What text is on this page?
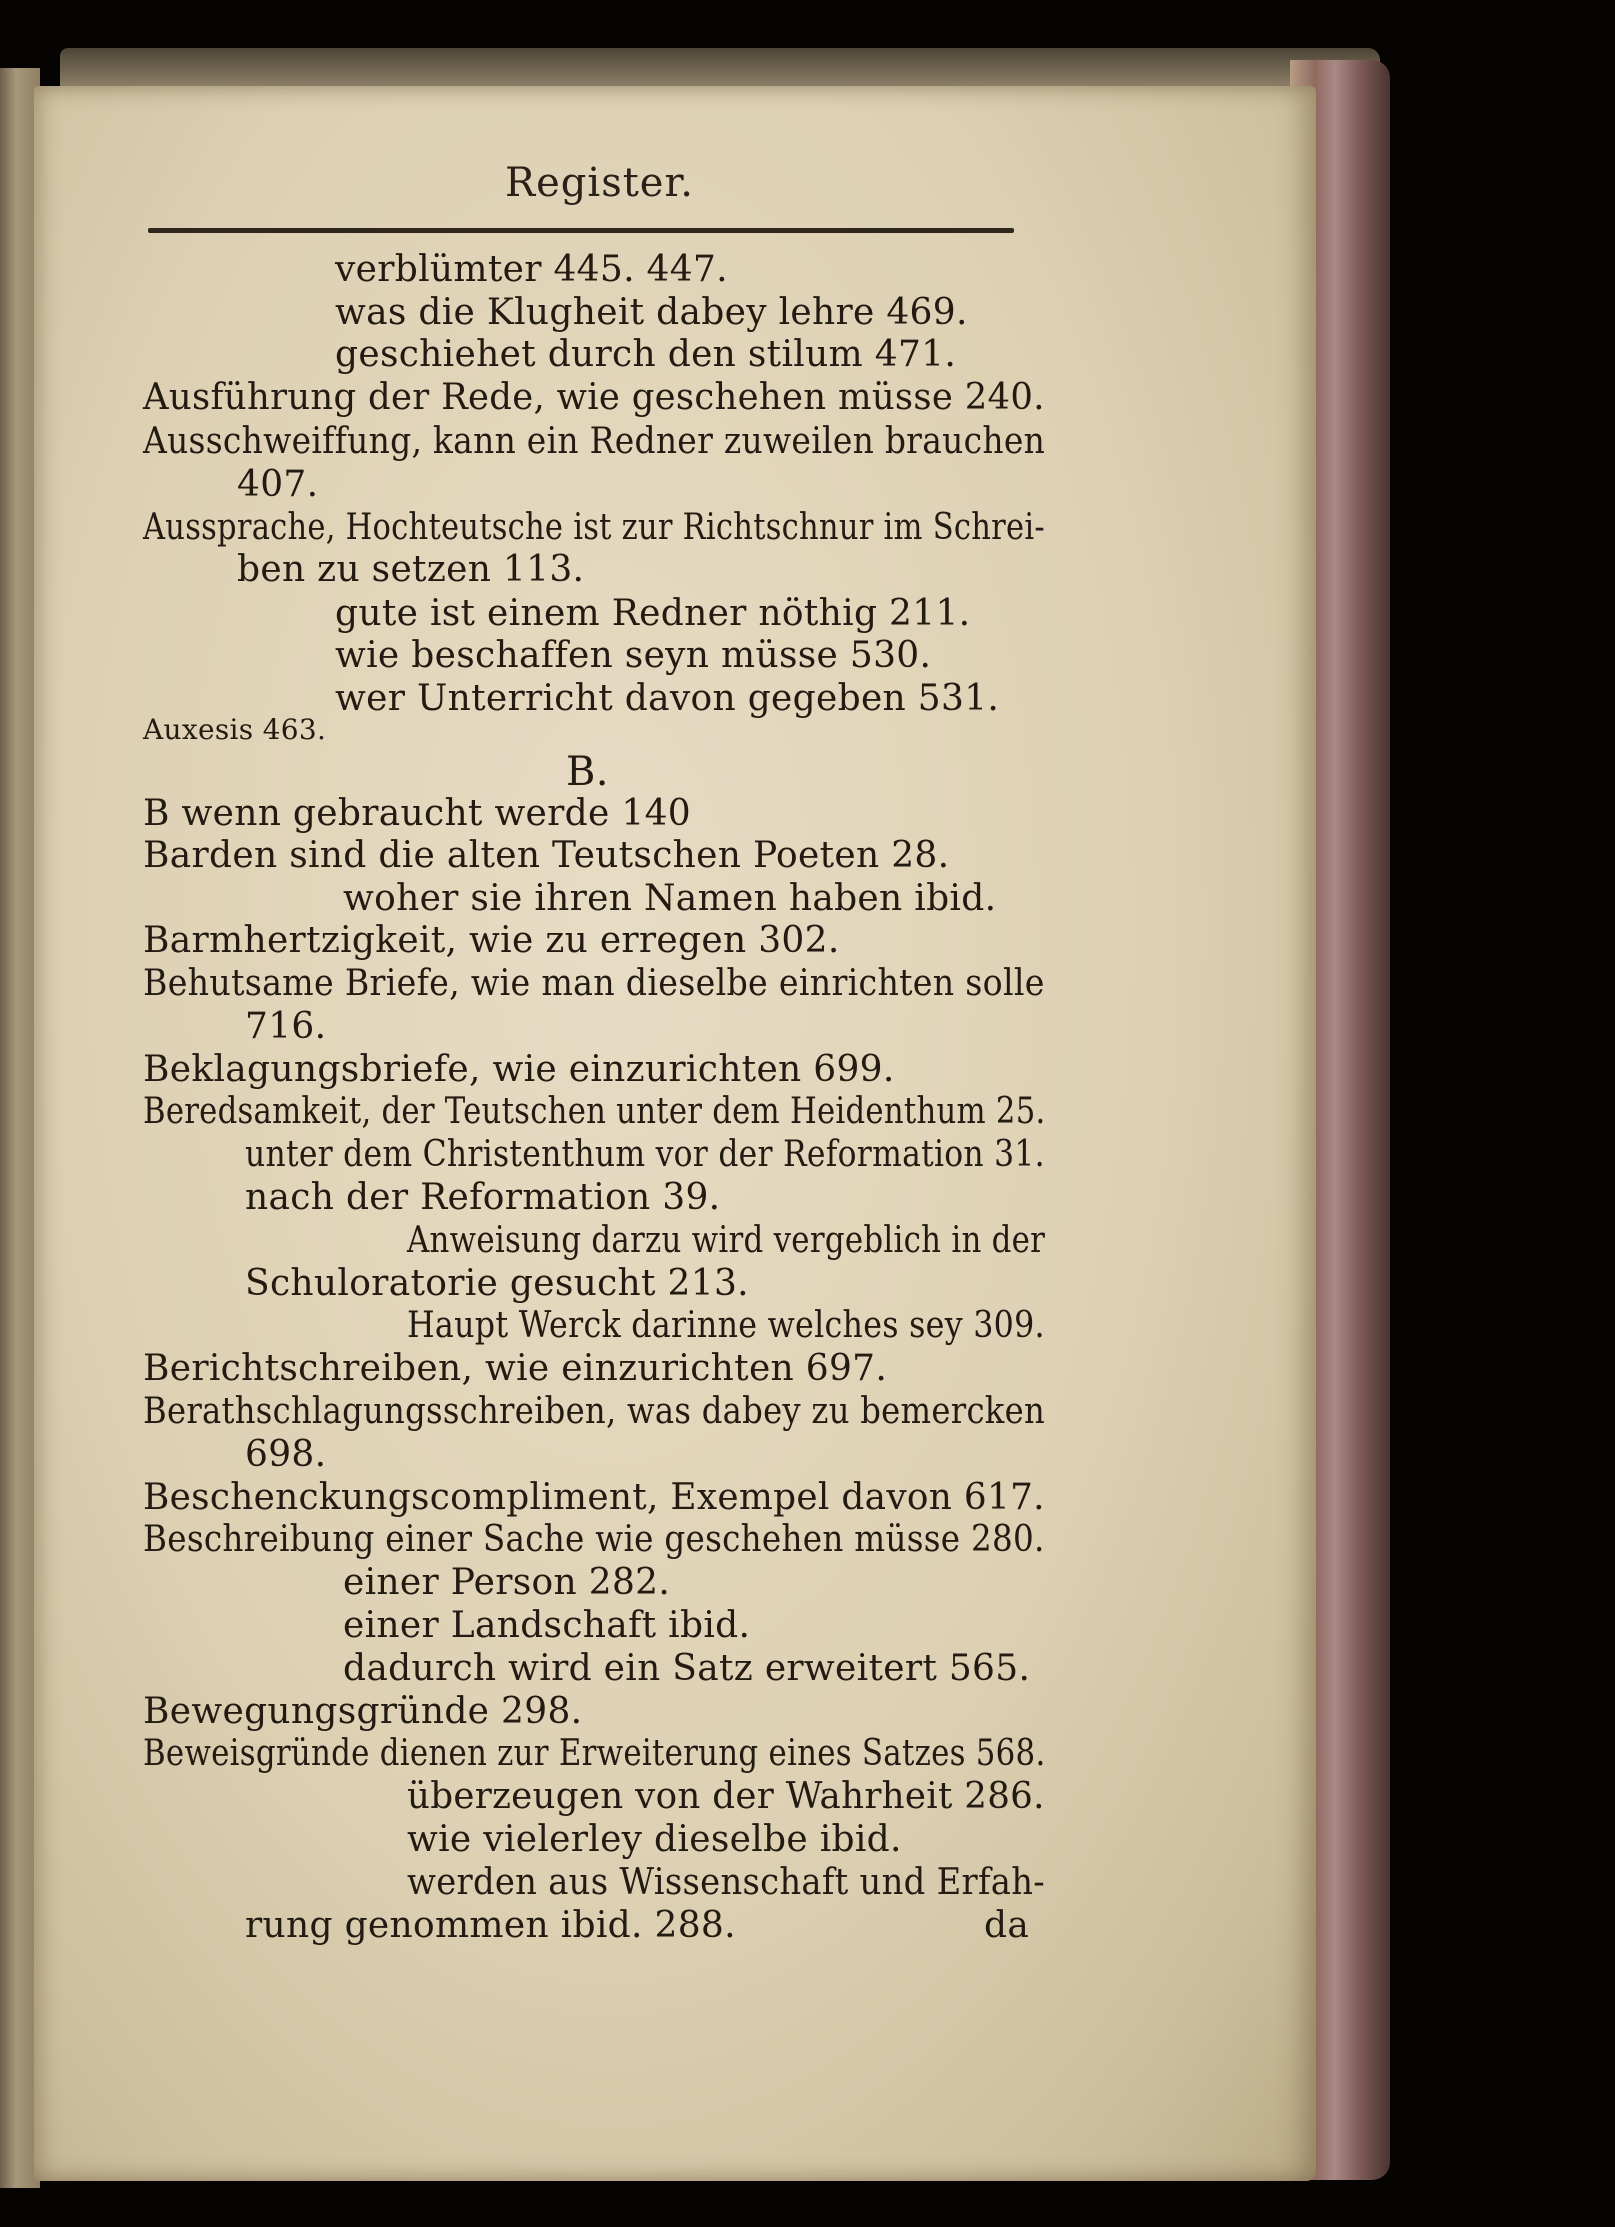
Register.
verblümter 445. 447.
was die Klugheit dabey lehre 469.
geschiehet durch den stilum 471.
Ausführung der Rede, wie geschehen müsse 240.
Ausschweiffung, kann ein Redner zuweilen brauchen
407.
Aussprache, Hochteutsche ist zur Richtschnur im Schrei-
ben zu setzen 113.
gute ist einem Redner nöthig 211.
wie beschaffen seyn müsse 530.
wer Unterricht davon gegeben 531.
Auxesis 463.
B.
B wenn gebraucht werde 140
Barden sind die alten Teutschen Poeten 28.
woher sie ihren Namen haben ibid.
Barmhertzigkeit, wie zu erregen 302.
Behutsame Briefe, wie man dieselbe einrichten solle
716.
Beklagungsbriefe, wie einzurichten 699.
Beredsamkeit, der Teutschen unter dem Heidenthum 25.
unter dem Christenthum vor der Reformation 31.
nach der Reformation 39.
Anweisung darzu wird vergeblich in der
Schuloratorie gesucht 213.
Haupt Werck darinne welches sey 309.
Berichtschreiben, wie einzurichten 697.
Berathschlagungsschreiben, was dabey zu bemercken
698.
Beschenckungscompliment, Exempel davon 617.
Beschreibung einer Sache wie geschehen müsse 280.
einer Person 282.
einer Landschaft ibid.
dadurch wird ein Satz erweitert 565.
Bewegungsgründe 298.
Beweisgründe dienen zur Erweiterung eines Satzes 568.
überzeugen von der Wahrheit 286.
wie vielerley dieselbe ibid.
werden aus Wissenschaft und Erfah-
rung genommen ibid. 288.	da
